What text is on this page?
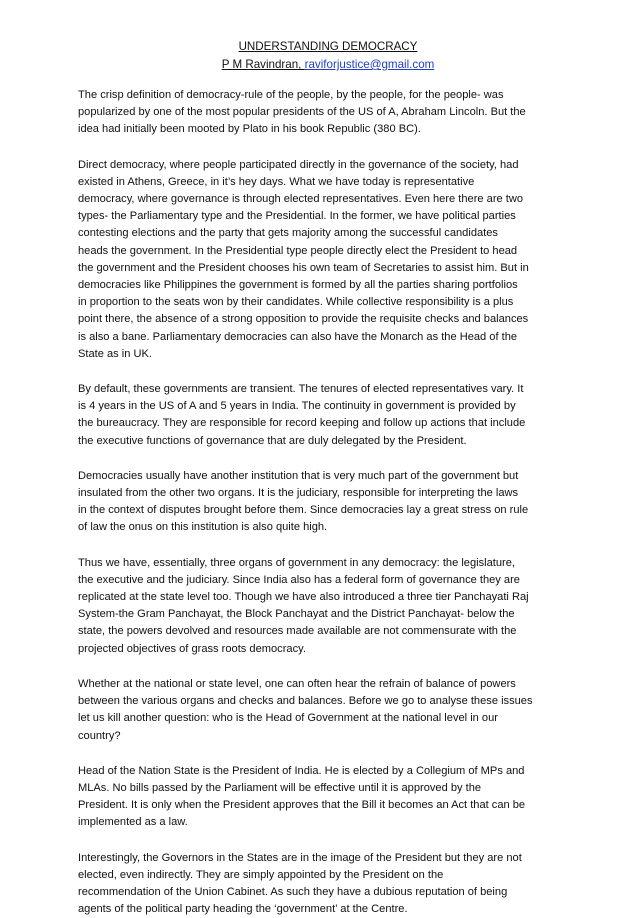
UNDERSTANDING DEMOCRACY
P M Ravindran, raviforjustice@gmail.com

The crisp definition of democracy-rule of the people, by the people, for the people- was
popularized by one of the most popular presidents of the US of A, Abraham Lincoln. But the
idea had initially been mooted by Plato in his book Republic (380 BC).

Direct democracy, where people participated directly in the governance of the society, had
existed in Athens, Greece, in it’s hey days. What we have today is representative
democracy, where governance is through elected representatives. Even here there are two
types- the Parliamentary type and the Presidential. In the former, we have political parties
contesting elections and the party that gets majority among the successful candidates
heads the government. In the Presidential type people directly elect the President to head
the government and the President chooses his own team of Secretaries to assist him. But in
democracies like Philippines the government is formed by all the parties sharing portfolios
in proportion to the seats won by their candidates. While collective responsibility is a plus
point there, the absence of a strong opposition to provide the requisite checks and balances
is also a bane. Parliamentary democracies can also have the Monarch as the Head of the
State as in UK.

By default, these governments are transient. The tenures of elected representatives vary. It
is 4 years in the US of A and 5 years in India. The continuity in government is provided by
the bureaucracy. They are responsible for record keeping and follow up actions that include
the executive functions of governance that are duly delegated by the President.

Democracies usually have another institution that is very much part of the government but
insulated from the other two organs. It is the judiciary, responsible for interpreting the laws
in the context of disputes brought before them. Since democracies lay a great stress on rule
of law the onus on this institution is also quite high.

Thus we have, essentially, three organs of government in any democracy: the legislature,
the executive and the judiciary. Since India also has a federal form of governance they are
replicated at the state level too. Though we have also introduced a three tier Panchayati Raj
System-the Gram Panchayat, the Block Panchayat and the District Panchayat- below the
state, the powers devolved and resources made available are not commensurate with the
projected objectives of grass roots democracy.

Whether at the national or state level, one can often hear the refrain of balance of powers
between the various organs and checks and balances. Before we go to analyse these issues
let us kill another question: who is the Head of Government at the national level in our
country?

Head of the Nation State is the President of India. He is elected by a Collegium of MPs and
MLAs. No bills passed by the Parliament will be effective until it is approved by the
President. It is only when the President approves that the Bill it becomes an Act that can be
implemented as a law.

Interestingly, the Governors in the States are in the image of the President but they are not
elected, even indirectly. They are simply appointed by the President on the
recommendation of the Union Cabinet. As such they have a dubious reputation of being
agents of the political party heading the ‘government’ at the Centre.
